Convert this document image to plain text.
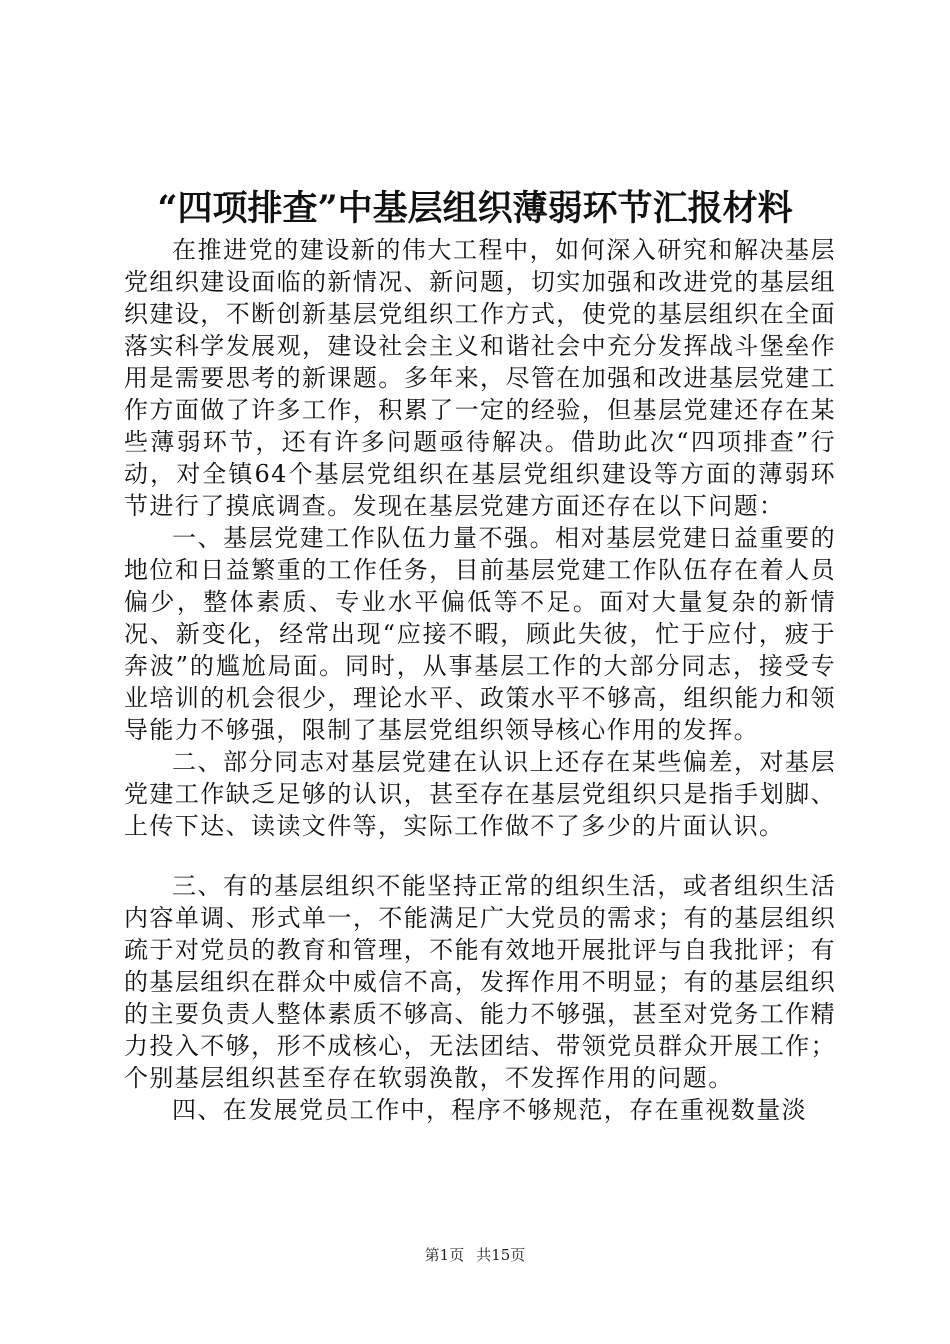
“四项排查”中基层组织薄弱环节汇报材料

在推进党的建设新的伟大工程中，如何深入研究和解决基层党组织建设面临的新情况、新问题，切实加强和改进党的基层组织建设，不断创新基层党组织工作方式，使党的基层组织在全面落实科学发展观，建设社会主义和谐社会中充分发挥战斗堡垒作用是需要思考的新课题。多年来，尽管在加强和改进基层党建工作方面做了许多工作，积累了一定的经验，但基层党建还存在某些薄弱环节，还有许多问题亟待解决。借助此次“四项排查”行动，对全镇64个基层党组织在基层党组织建设等方面的薄弱环节进行了摸底调查。发现在基层党建方面还存在以下问题：

一、基层党建工作队伍力量不强。相对基层党建日益重要的地位和日益繁重的工作任务，目前基层党建工作队伍存在着人员偏少，整体素质、专业水平偏低等不足。面对大量复杂的新情况、新变化，经常出现“应接不暇，顾此失彼，忙于应付，疲于奔波”的尴尬局面。同时，从事基层工作的大部分同志，接受专业培训的机会很少，理论水平、政策水平不够高，组织能力和领导能力不够强，限制了基层党组织领导核心作用的发挥。

二、部分同志对基层党建在认识上还存在某些偏差，对基层党建工作缺乏足够的认识，甚至存在基层党组织只是指手划脚、上传下达、读读文件等，实际工作做不了多少的片面认识。

三、有的基层组织不能坚持正常的组织生活，或者组织生活内容单调、形式单一，不能满足广大党员的需求；有的基层组织疏于对党员的教育和管理，不能有效地开展批评与自我批评；有的基层组织在群众中威信不高，发挥作用不明显；有的基层组织的主要负责人整体素质不够高、能力不够强，甚至对党务工作精力投入不够，形不成核心，无法团结、带领党员群众开展工作；个别基层组织甚至存在软弱涣散，不发挥作用的问题。

四、在发展党员工作中，程序不够规范，存在重视数量淡

第1页 共15页
